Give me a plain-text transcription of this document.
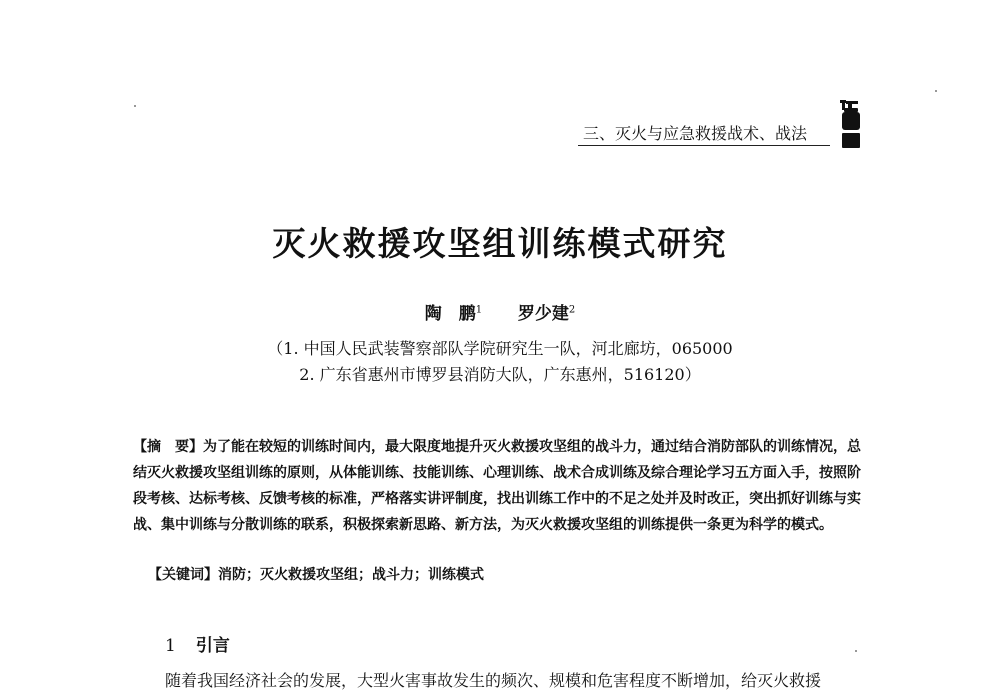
三、灭火与应急救援战术、战法
灭火救援攻坚组训练模式研究
陶　鹏$^1$ 罗少建$^2$
（1. 中国人民武装警察部队学院研究生一队，河北廊坊，065000
2. 广东省惠州市博罗县消防大队，广东惠州，516120）
【摘　要】为了能在较短的训练时间内，最大限度地提升灭火救援攻坚组的战斗力，通过结合消防部队的训练情况，总结灭火救援攻坚组训练的原则，从体能训练、技能训练、心理训练、战术合成训练及综合理论学习五方面入手，按照阶段考核、达标考核、反馈考核的标准，严格落实讲评制度，找出训练工作中的不足之处并及时改正，突出抓好训练与实战、集中训练与分散训练的联系，积极探索新思路、新方法，为灭火救援攻坚组的训练提供一条更为科学的模式。
【关键词】消防；灭火救援攻坚组；战斗力；训练模式
1 引言
随着我国经济社会的发展，大型火害事故发生的频次、规模和危害程度不断增加，给灭火救援
